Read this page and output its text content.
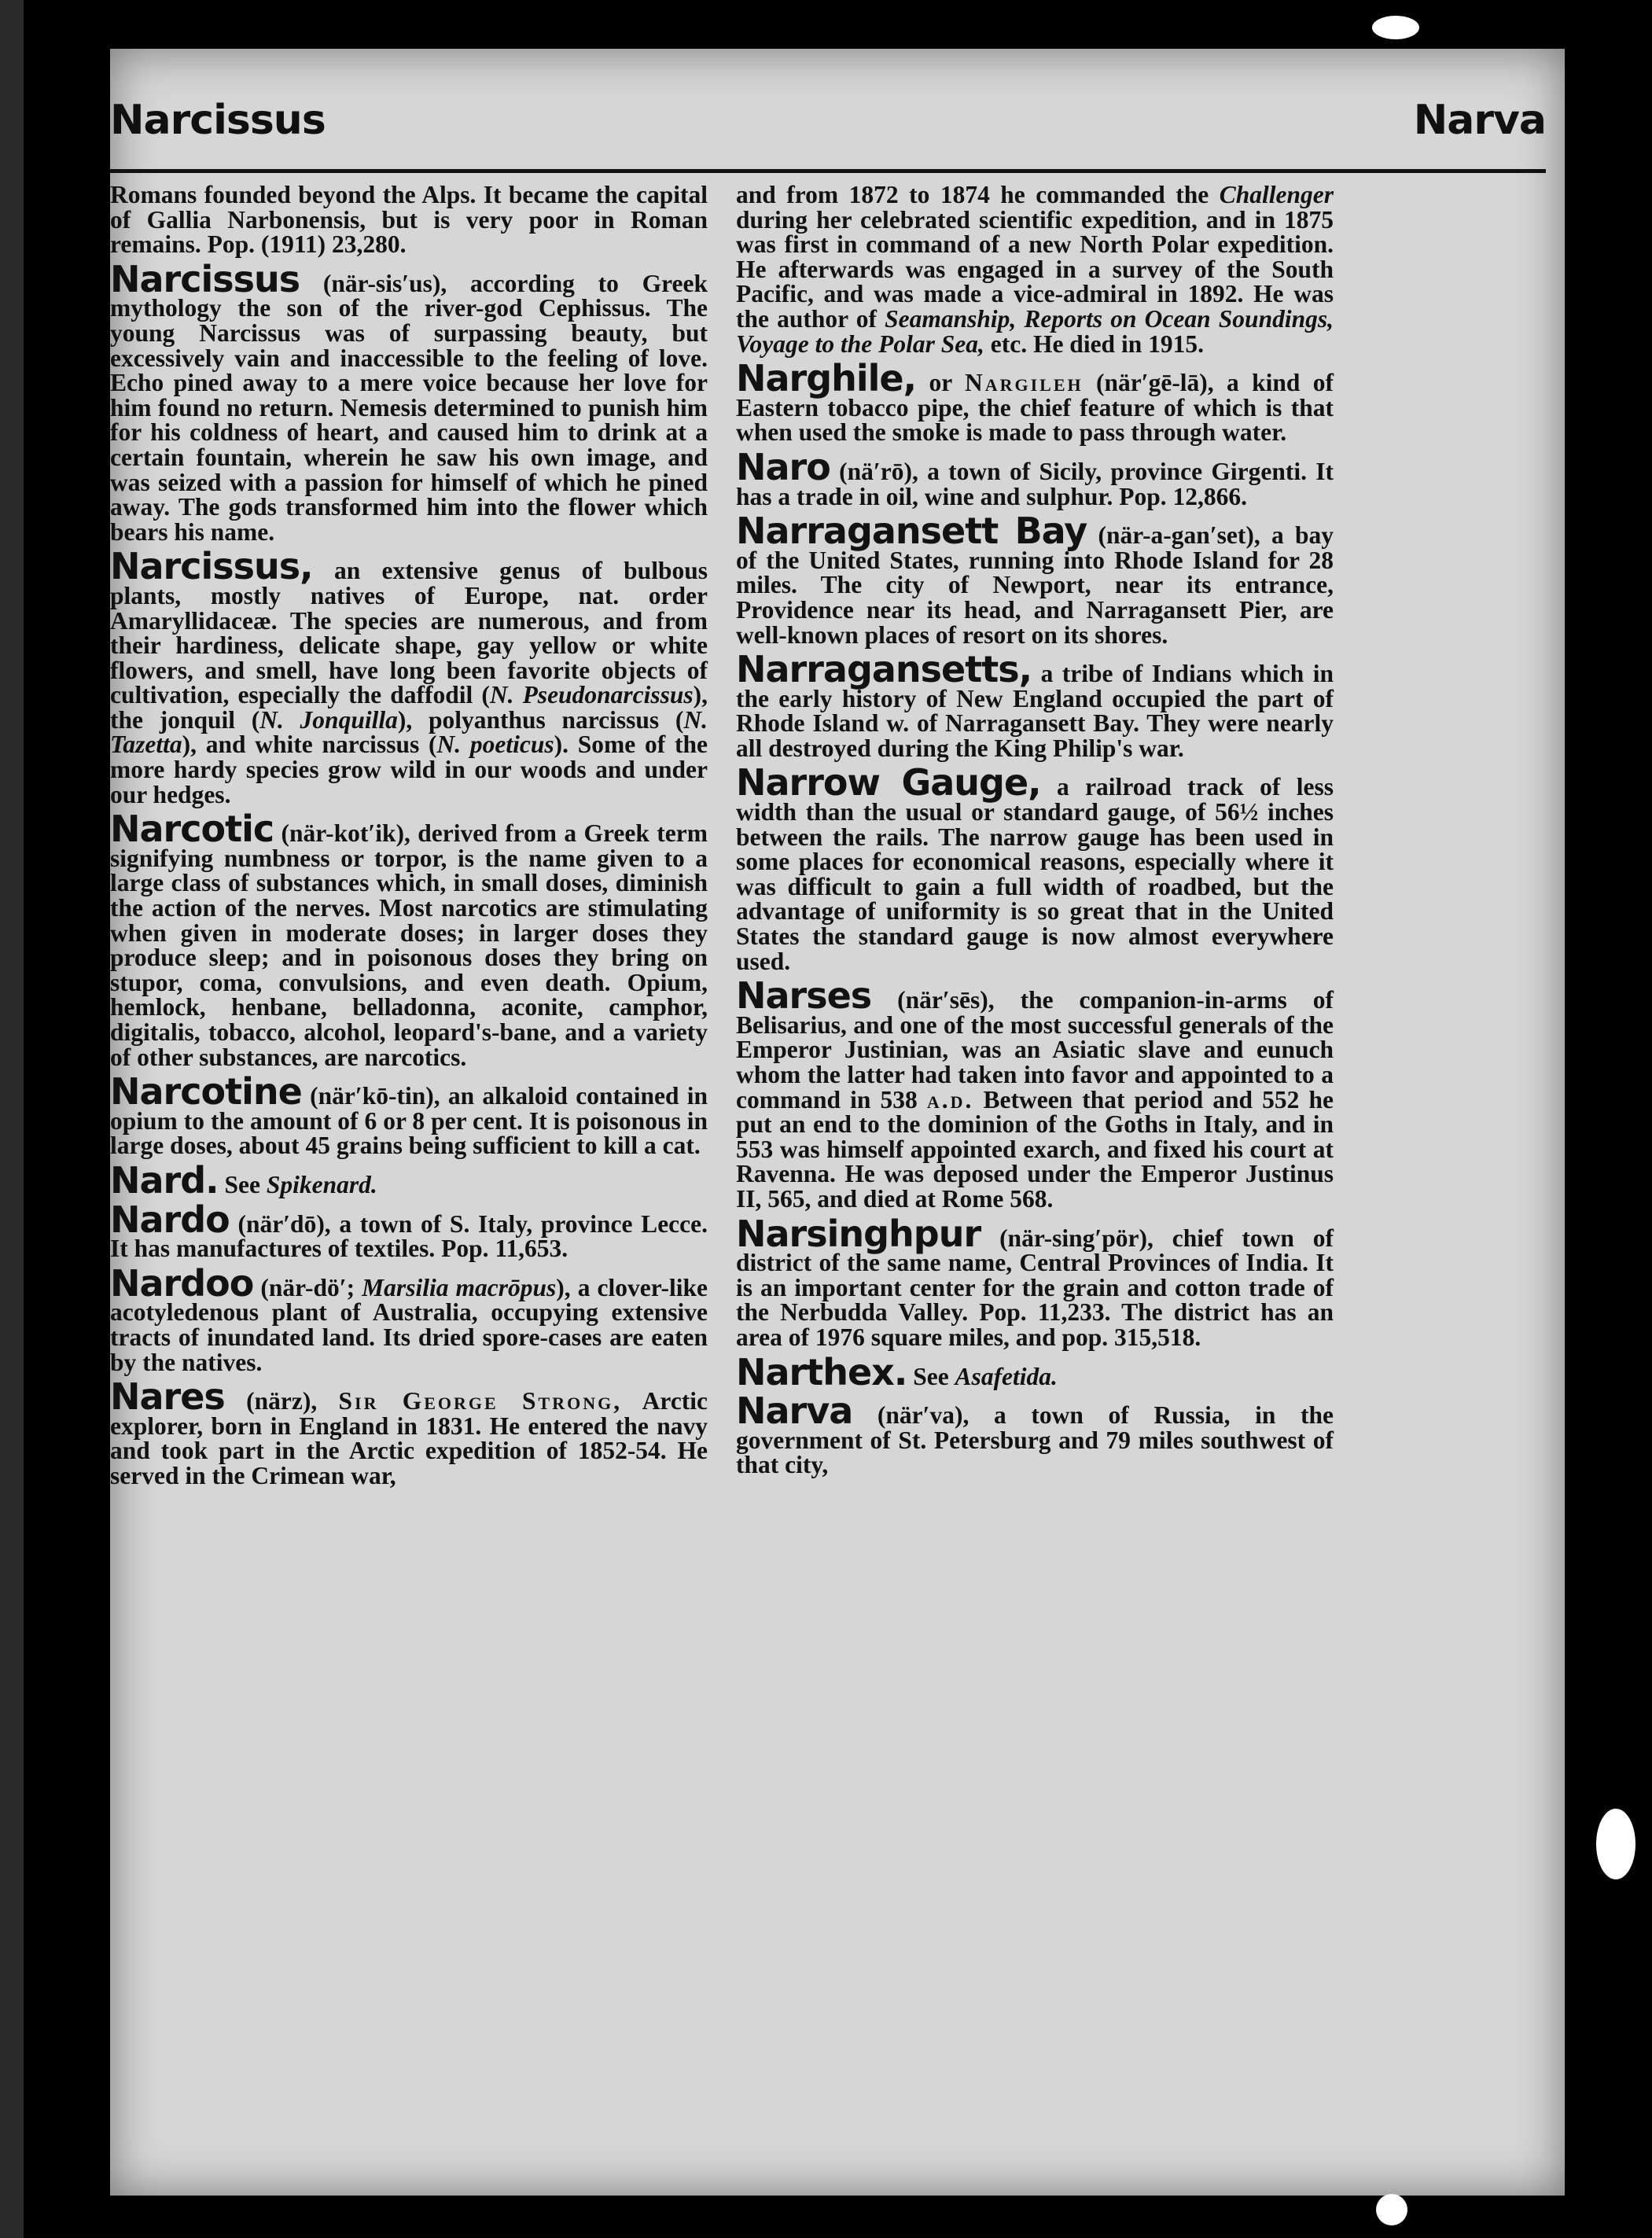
Narcissus	Narva

Romans founded beyond the Alps. It became the capital of Gallia Narbonensis, but is very poor in Roman remains. Pop. (1911) 23,280.

Narcissus (när-sis′us), according to Greek mythology the son of the river-god Cephissus. The young Narcissus was of surpassing beauty, but excessively vain and inaccessible to the feeling of love. Echo pined away to a mere voice because her love for him found no return. Nemesis determined to punish him for his coldness of heart, and caused him to drink at a certain fountain, wherein he saw his own image, and was seized with a passion for himself of which he pined away. The gods transformed him into the flower which bears his name.

Narcissus, an extensive genus of bulbous plants, mostly natives of Europe, nat. order Amaryllidaceæ. The species are numerous, and from their hardiness, delicate shape, gay yellow or white flowers, and smell, have long been favorite objects of cultivation, especially the daffodil (N. Pseudonarcissus), the jonquil (N. Jonquilla), polyanthus narcissus (N. Tazetta), and white narcissus (N. poeticus). Some of the more hardy species grow wild in our woods and under our hedges.

Narcotic (när-kot′ik), derived from a Greek term signifying numbness or torpor, is the name given to a large class of substances which, in small doses, diminish the action of the nerves. Most narcotics are stimulating when given in moderate doses; in larger doses they produce sleep; and in poisonous doses they bring on stupor, coma, convulsions, and even death. Opium, hemlock, henbane, belladonna, aconite, camphor, digitalis, tobacco, alcohol, leopard's-bane, and a variety of other substances, are narcotics.

Narcotine (när′kō-tin), an alkaloid contained in opium to the amount of 6 or 8 per cent. It is poisonous in large doses, about 45 grains being sufficient to kill a cat.

Nard. See Spikenard.

Nardo (när′dō), a town of S. Italy, province Lecce. It has manufactures of textiles. Pop. 11,653.

Nardoo (när-dö′; Marsilia macrōpus), a clover-like acotyledenous plant of Australia, occupying extensive tracts of inundated land. Its dried spore-cases are eaten by the natives.

Nares (närz), Sir George Strong, Arctic explorer, born in England in 1831. He entered the navy and took part in the Arctic expedition of 1852-54. He served in the Crimean war,

and from 1872 to 1874 he commanded the Challenger during her celebrated scientific expedition, and in 1875 was first in command of a new North Polar expedition. He afterwards was engaged in a survey of the South Pacific, and was made a vice-admiral in 1892. He was the author of Seamanship, Reports on Ocean Soundings, Voyage to the Polar Sea, etc. He died in 1915.

Narghile, or Nargileh (när′gē-lā), a kind of Eastern tobacco pipe, the chief feature of which is that when used the smoke is made to pass through water.

Naro (nä′rō), a town of Sicily, province Girgenti. It has a trade in oil, wine and sulphur. Pop. 12,866.

Narragansett Bay (när-a-gan′set), a bay of the United States, running into Rhode Island for 28 miles. The city of Newport, near its entrance, Providence near its head, and Narragansett Pier, are well-known places of resort on its shores.

Narragansetts, a tribe of Indians which in the early history of New England occupied the part of Rhode Island w. of Narragansett Bay. They were nearly all destroyed during the King Philip's war.

Narrow Gauge, a railroad track of less width than the usual or standard gauge, of 56½ inches between the rails. The narrow gauge has been used in some places for economical reasons, especially where it was difficult to gain a full width of roadbed, but the advantage of uniformity is so great that in the United States the standard gauge is now almost everywhere used.

Narses (när′sēs), the companion-in-arms of Belisarius, and one of the most successful generals of the Emperor Justinian, was an Asiatic slave and eunuch whom the latter had taken into favor and appointed to a command in 538 a.d. Between that period and 552 he put an end to the dominion of the Goths in Italy, and in 553 was himself appointed exarch, and fixed his court at Ravenna. He was deposed under the Emperor Justinus II, 565, and died at Rome 568.

Narsinghpur (när-sing′pör), chief town of district of the same name, Central Provinces of India. It is an important center for the grain and cotton trade of the Nerbudda Valley. Pop. 11,233. The district has an area of 1976 square miles, and pop. 315,518.

Narthex. See Asafetida.

Narva (när′va), a town of Russia, in the government of St. Petersburg and 79 miles southwest of that city,
